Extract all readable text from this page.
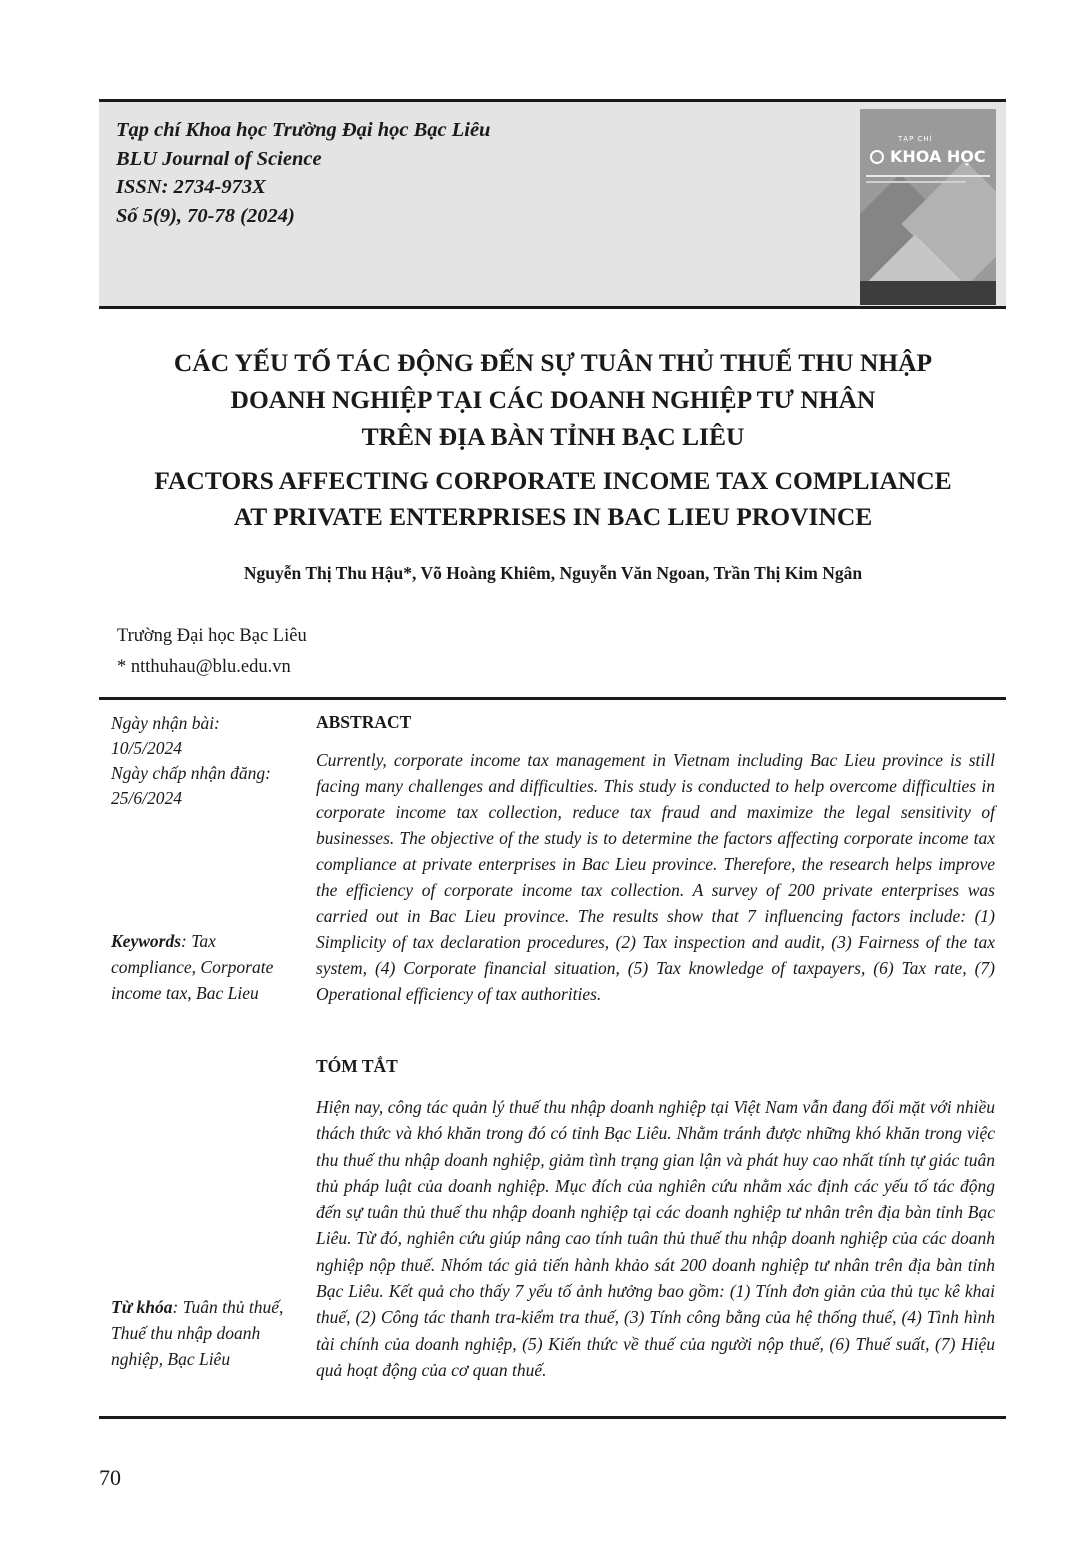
Tạp chí Khoa học Trường Đại học Bạc Liêu
BLU Journal of Science
ISSN: 2734-973X
Số 5(9), 70-78 (2024)
TẠP CHÍ
KHOA HỌC
CÁC YẾU TỐ TÁC ĐỘNG ĐẾN SỰ TUÂN THỦ THUẾ THU NHẬP
DOANH NGHIỆP TẠI CÁC DOANH NGHIỆP TƯ NHÂN
TRÊN ĐỊA BÀN TỈNH BẠC LIÊU
FACTORS AFFECTING CORPORATE INCOME TAX COMPLIANCE
AT PRIVATE ENTERPRISES IN BAC LIEU PROVINCE
Nguyễn Thị Thu Hậu*, Võ Hoàng Khiêm, Nguyễn Văn Ngoan, Trần Thị Kim Ngân
Trường Đại học Bạc Liêu
* ntthuhau@blu.edu.vn
Ngày nhận bài:
10/5/2024
Ngày chấp nhận đăng:
25/6/2024
Keywords: Tax compliance, Corporate income tax, Bac Lieu
Từ khóa: Tuân thủ thuế, Thuế thu nhập doanh nghiệp, Bạc Liêu
ABSTRACT

Currently, corporate income tax management in Vietnam including Bac Lieu province is still facing many challenges and difficulties. This study is conducted to help overcome difficulties in corporate income tax collection, reduce tax fraud and maximize the legal sensitivity of businesses. The objective of the study is to determine the factors affecting corporate income tax compliance at private enterprises in Bac Lieu province. Therefore, the research helps improve the efficiency of corporate income tax collection. A survey of 200 private enterprises was carried out in Bac Lieu province. The results show that 7 influencing factors include: (1) Simplicity of tax declaration procedures, (2) Tax inspection and audit, (3) Fairness of the tax system, (4) Corporate financial situation, (5) Tax knowledge of taxpayers, (6) Tax rate, (7) Operational efficiency of tax authorities.

TÓM TẮT

Hiện nay, công tác quản lý thuế thu nhập doanh nghiệp tại Việt Nam vẫn đang đối mặt với nhiều thách thức và khó khăn trong đó có tỉnh Bạc Liêu. Nhằm tránh được những khó khăn trong việc thu thuế thu nhập doanh nghiệp, giảm tình trạng gian lận và phát huy cao nhất tính tự giác tuân thủ pháp luật của doanh nghiệp. Mục đích của nghiên cứu nhằm xác định các yếu tố tác động đến sự tuân thủ thuế thu nhập doanh nghiệp tại các doanh nghiệp tư nhân trên địa bàn tỉnh Bạc Liêu. Từ đó, nghiên cứu giúp nâng cao tính tuân thủ thuế thu nhập doanh nghiệp của các doanh nghiệp nộp thuế. Nhóm tác giả tiến hành khảo sát 200 doanh nghiệp tư nhân trên địa bàn tỉnh Bạc Liêu. Kết quả cho thấy 7 yếu tố ảnh hưởng bao gồm: (1) Tính đơn giản của thủ tục kê khai thuế, (2) Công tác thanh tra-kiểm tra thuế, (3) Tính công bằng của hệ thống thuế, (4) Tình hình tài chính của doanh nghiệp, (5) Kiến thức về thuế của người nộp thuế, (6) Thuế suất, (7) Hiệu quả hoạt động của cơ quan thuế.

70
